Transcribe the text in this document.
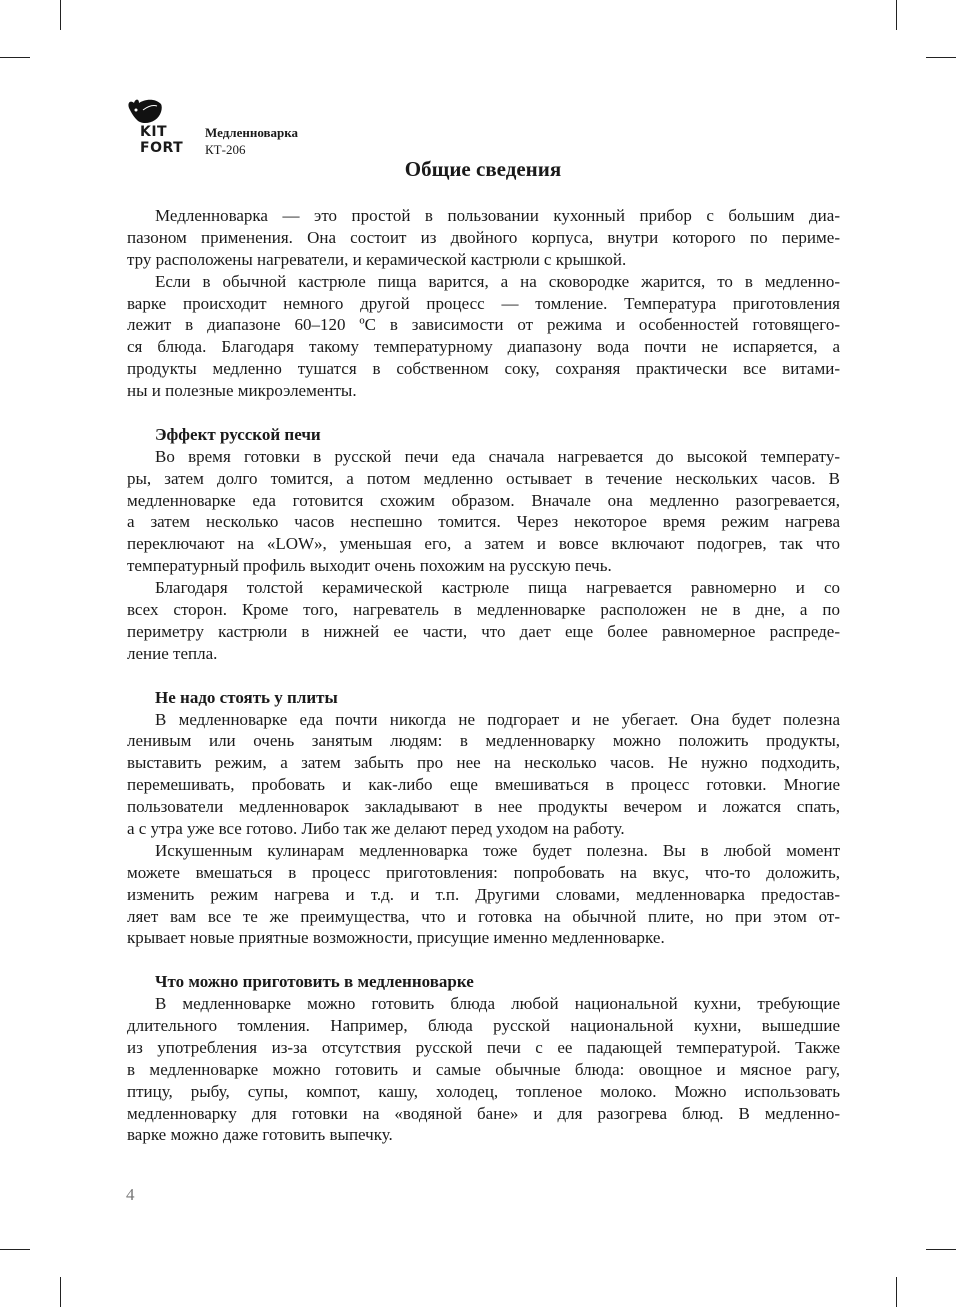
KIT
FORT
Медленноварка
КТ-206
Общие сведения
Медленноварка — это простой в пользовании кухонный прибор с большим диа-
пазоном применения. Она состоит из двойного корпуса, внутри которого по периме-
тру расположены нагреватели, и керамической кастрюли с крышкой.
Если в обычной кастрюле пища варится, а на сковородке жарится, то в медленно-
варке происходит немного другой процесс — томление. Температура приготовления
лежит в диапазоне 60–120 ºС в зависимости от режима и особенностей готовящего-
ся блюда. Благодаря такому температурному диапазону вода почти не испаряется, а
продукты медленно тушатся в собственном соку, сохраняя практически все витами-
ны и полезные микроэлементы.
Эффект русской печи
Во время готовки в русской печи еда сначала нагревается до высокой температу-
ры, затем долго томится, а потом медленно остывает в течение нескольких часов. В
медленноварке еда готовится схожим образом. Вначале она медленно разогревается,
а затем несколько часов неспешно томится. Через некоторое время режим нагрева
переключают на «LOW», уменьшая его, а затем и вовсе включают подогрев, так что
температурный профиль выходит очень похожим на русскую печь.
Благодаря толстой керамической кастрюле пища нагревается равномерно и со
всех сторон. Кроме того, нагреватель в медленноварке расположен не в дне, а по
периметру кастрюли в нижней ее части, что дает еще более равномерное распреде-
ление тепла.
Не надо стоять у плиты
В медленноварке еда почти никогда не подгорает и не убегает. Она будет полезна
ленивым или очень занятым людям: в медленноварку можно положить продукты,
выставить режим, а затем забыть про нее на несколько часов. Не нужно подходить,
перемешивать, пробовать и как-либо еще вмешиваться в процесс готовки. Многие
пользователи медленноварок закладывают в нее продукты вечером и ложатся спать,
а с утра уже все готово. Либо так же делают перед уходом на работу.
Искушенным кулинарам медленноварка тоже будет полезна. Вы в любой момент
можете вмешаться в процесс приготовления: попробовать на вкус, что-то доложить,
изменить режим нагрева и т.д. и т.п. Другими словами, медленноварка предостав-
ляет вам все те же преимущества, что и готовка на обычной плите, но при этом от-
крывает новые приятные возможности, присущие именно медленноварке.
Что можно приготовить в медленноварке
В медленноварке можно готовить блюда любой национальной кухни, требующие
длительного томления. Например, блюда русской национальной кухни, вышедшие
из употребления из-за отсутствия русской печи с ее падающей температурой. Также
в медленноварке можно готовить и самые обычные блюда: овощное и мясное рагу,
птицу, рыбу, супы, компот, кашу, холодец, топленое молоко. Можно использовать
медленноварку для готовки на «водяной бане» и для разогрева блюд. В медленно-
варке можно даже готовить выпечку.
4
